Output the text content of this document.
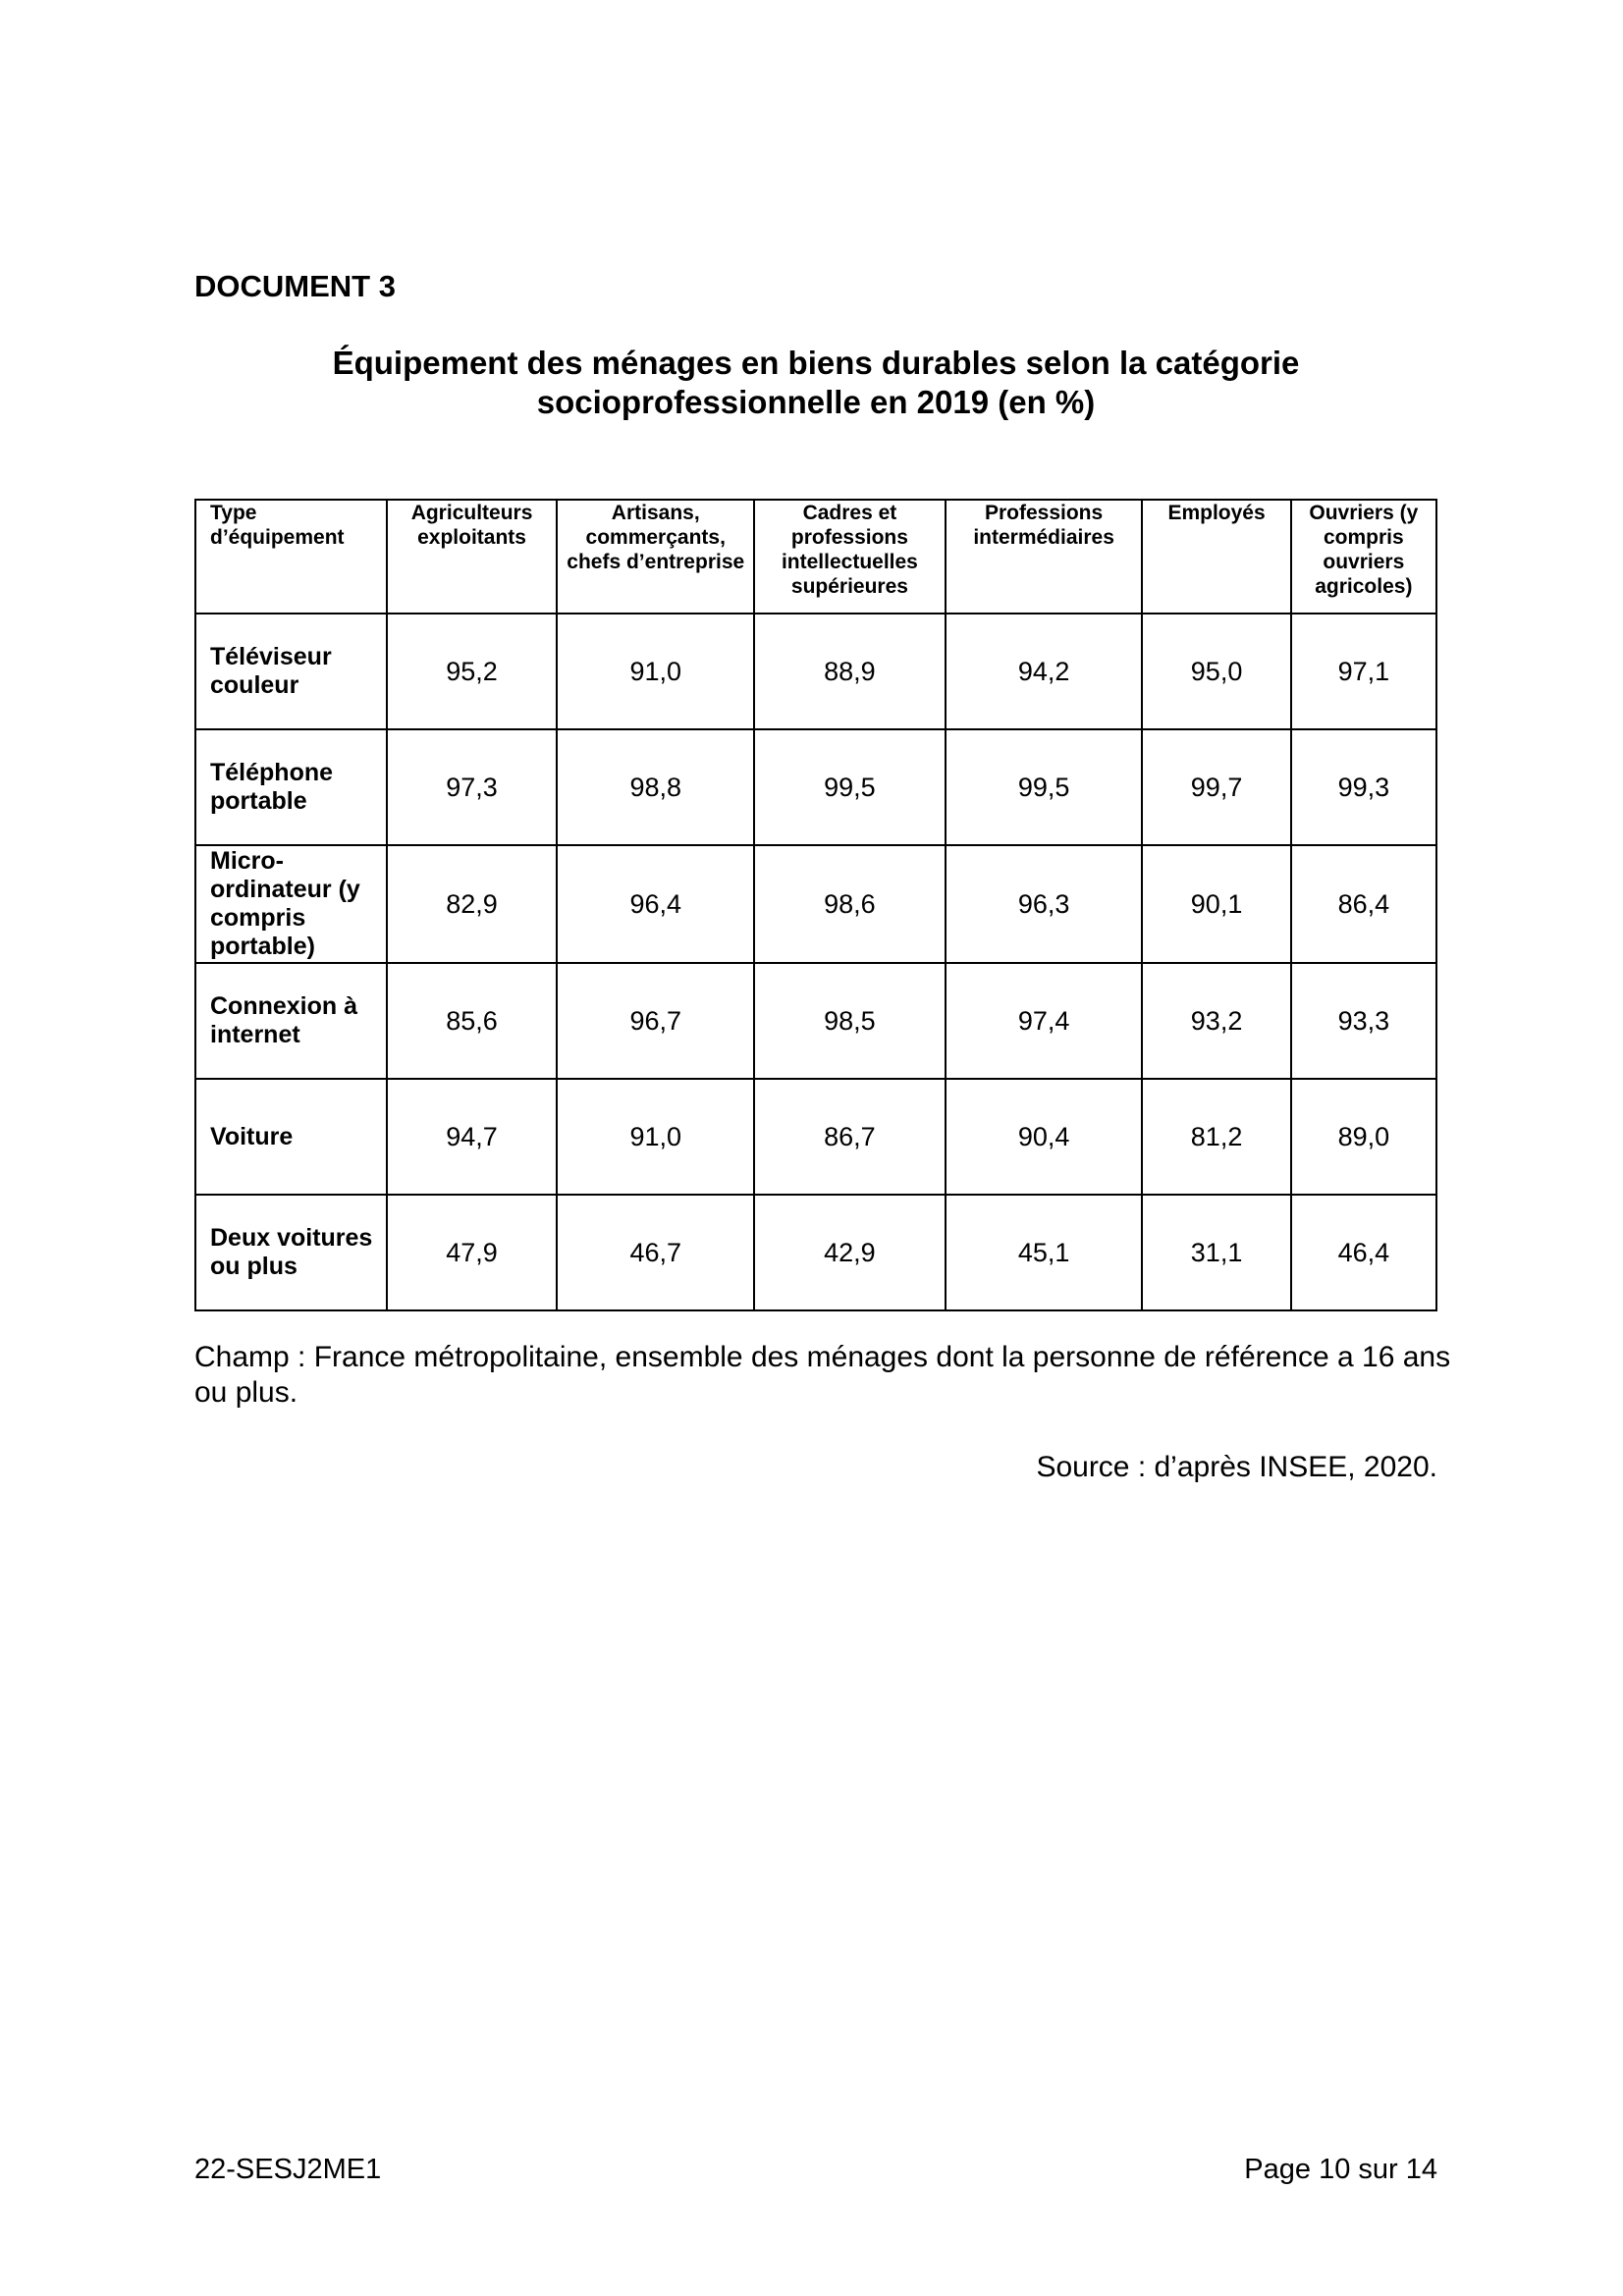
DOCUMENT 3
Équipement des ménages en biens durables selon la catégorie
socioprofessionnelle en 2019 (en %)
Type d’équipement	Agriculteurs exploitants	Artisans, commerçants, chefs d’entreprise	Cadres et professions intellectuelles supérieures	Professions intermédiaires	Employés	Ouvriers (y compris ouvriers agricoles)
Téléviseur couleur	95,2	91,0	88,9	94,2	95,0	97,1
Téléphone portable	97,3	98,8	99,5	99,5	99,7	99,3
Micro-ordinateur (y compris portable)	82,9	96,4	98,6	96,3	90,1	86,4
Connexion à internet	85,6	96,7	98,5	97,4	93,2	93,3
Voiture	94,7	91,0	86,7	90,4	81,2	89,0
Deux voitures ou plus	47,9	46,7	42,9	45,1	31,1	46,4

Champ : France métropolitaine, ensemble des ménages dont la personne de référence a 16 ans ou plus.

Source : d’après INSEE, 2020.

22-SESJ2ME1	Page 10 sur 14
